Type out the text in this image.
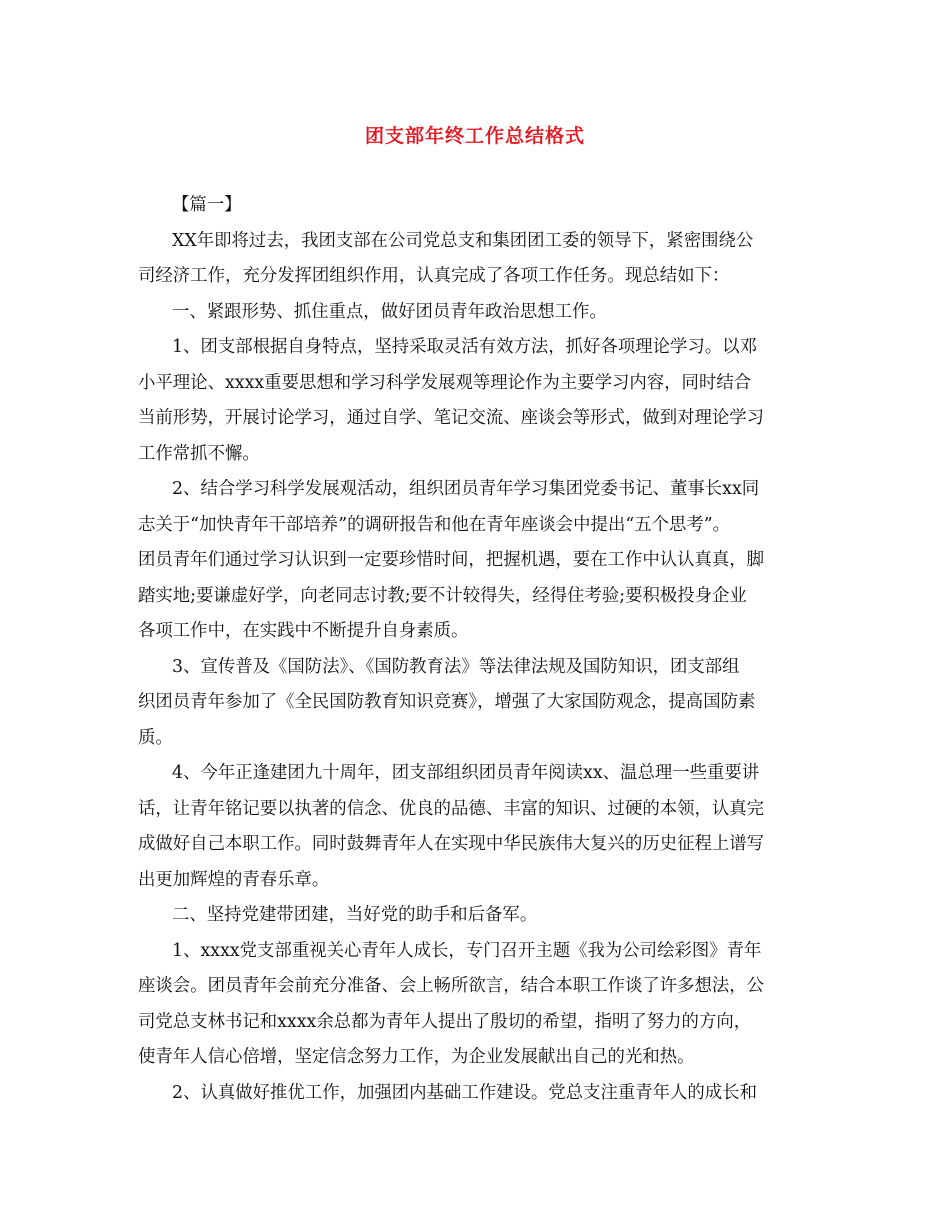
团支部年终工作总结格式

【篇一】

XX年即将过去，我团支部在公司党总支和集团团工委的领导下，紧密围绕公
司经济工作，充分发挥团组织作用，认真完成了各项工作任务。现总结如下：

一、紧跟形势、抓住重点，做好团员青年政治思想工作。

1、团支部根据自身特点，坚持采取灵活有效方法，抓好各项理论学习。以邓
小平理论、xxxx重要思想和学习科学发展观等理论作为主要学习内容，同时结合
当前形势，开展讨论学习，通过自学、笔记交流、座谈会等形式，做到对理论学习
工作常抓不懈。

2、结合学习科学发展观活动，组织团员青年学习集团党委书记、董事长xx同
志关于“加快青年干部培养”的调研报告和他在青年座谈会中提出“五个思考”。
团员青年们通过学习认识到一定要珍惜时间，把握机遇，要在工作中认认真真，脚
踏实地;要谦虚好学，向老同志讨教;要不计较得失，经得住考验;要积极投身企业
各项工作中，在实践中不断提升自身素质。

3、宣传普及《国防法》、《国防教育法》等法律法规及国防知识，团支部组
织团员青年参加了《全民国防教育知识竞赛》，增强了大家国防观念，提高国防素
质。

4、今年正逢建团九十周年，团支部组织团员青年阅读xx、温总理一些重要讲
话，让青年铭记要以执著的信念、优良的品德、丰富的知识、过硬的本领，认真完
成做好自己本职工作。同时鼓舞青年人在实现中华民族伟大复兴的历史征程上谱写
出更加辉煌的青春乐章。

二、坚持党建带团建，当好党的助手和后备军。

1、xxxx党支部重视关心青年人成长，专门召开主题《我为公司绘彩图》青年
座谈会。团员青年会前充分准备、会上畅所欲言，结合本职工作谈了许多想法，公
司党总支林书记和xxxx余总都为青年人提出了殷切的希望，指明了努力的方向，
使青年人信心倍增，坚定信念努力工作，为企业发展献出自己的光和热。

2、认真做好推优工作，加强团内基础工作建设。党总支注重青年人的成长和
